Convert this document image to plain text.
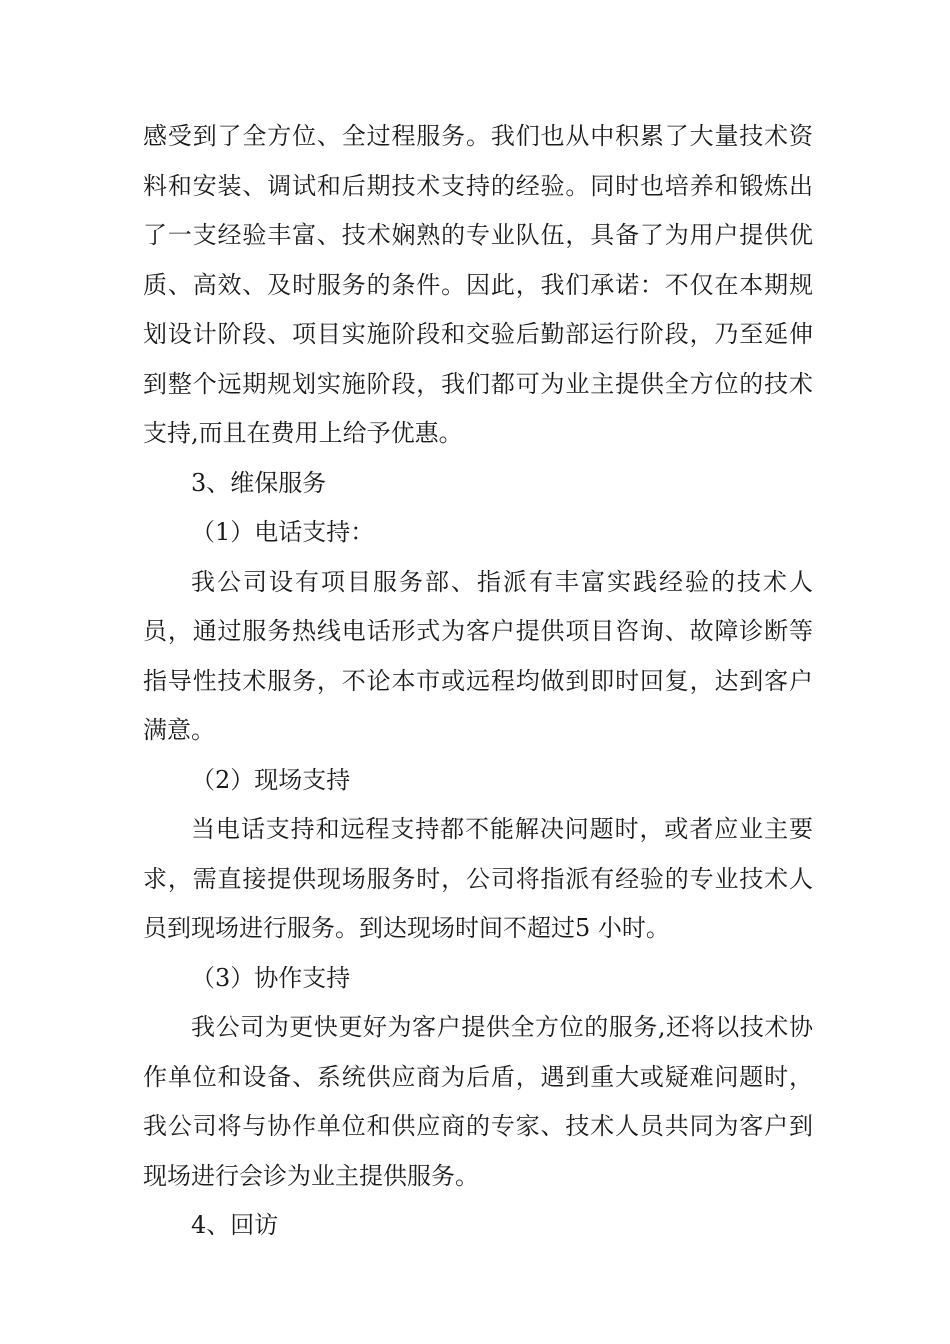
感受到了全方位、全过程服务。我们也从中积累了大量技术资料和安装、调试和后期技术支持的经验。同时也培养和锻炼出了一支经验丰富、技术娴熟的专业队伍，具备了为用户提供优质、高效、及时服务的条件。因此，我们承诺：不仅在本期规划设计阶段、项目实施阶段和交验后勤部运行阶段，乃至延伸到整个远期规划实施阶段，我们都可为业主提供全方位的技术支持,而且在费用上给予优惠。

3、维保服务

（1）电话支持：

我公司设有项目服务部、指派有丰富实践经验的技术人员，通过服务热线电话形式为客户提供项目咨询、故障诊断等指导性技术服务，不论本市或远程均做到即时回复，达到客户满意。

（2）现场支持

当电话支持和远程支持都不能解决问题时，或者应业主要求，需直接提供现场服务时，公司将指派有经验的专业技术人员到现场进行服务。到达现场时间不超过5 小时。

（3）协作支持

我公司为更快更好为客户提供全方位的服务,还将以技术协作单位和设备、系统供应商为后盾，遇到重大或疑难问题时，我公司将与协作单位和供应商的专家、技术人员共同为客户到现场进行会诊为业主提供服务。

4、回访
